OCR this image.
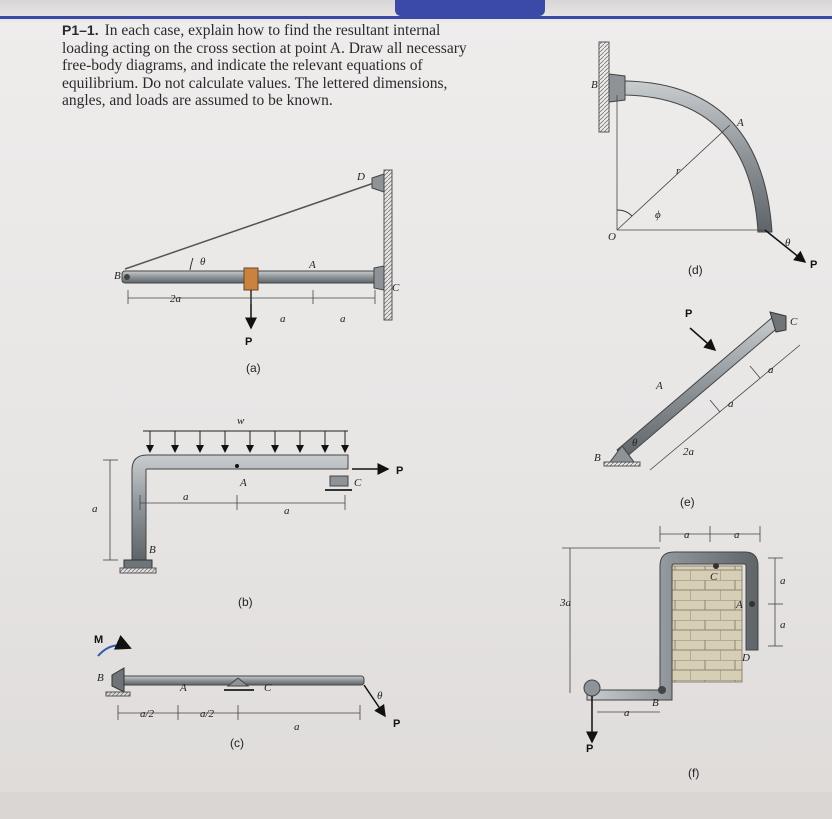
P1–1. In each case, explain how to find the resultant internal loading acting on the cross section at point A. Draw all necessary free-body diagrams, and indicate the relevant equations of equilibrium. Do not calculate values. The lettered dimensions, angles, and loads are assumed to be known.
B
C
D
A
θ
P
2a
a	a
(a)
w
A
B
C
P
a
a
a
(b)
M
B
A	C
θ
P
a/2	a/2
a
(c)
B
A
O
r
ϕ
θ
P
(d)
P
C
A
B
θ
2a
a
a
(e)
C
A
D
B
P
3a
a
a	a
a
a
(f)
